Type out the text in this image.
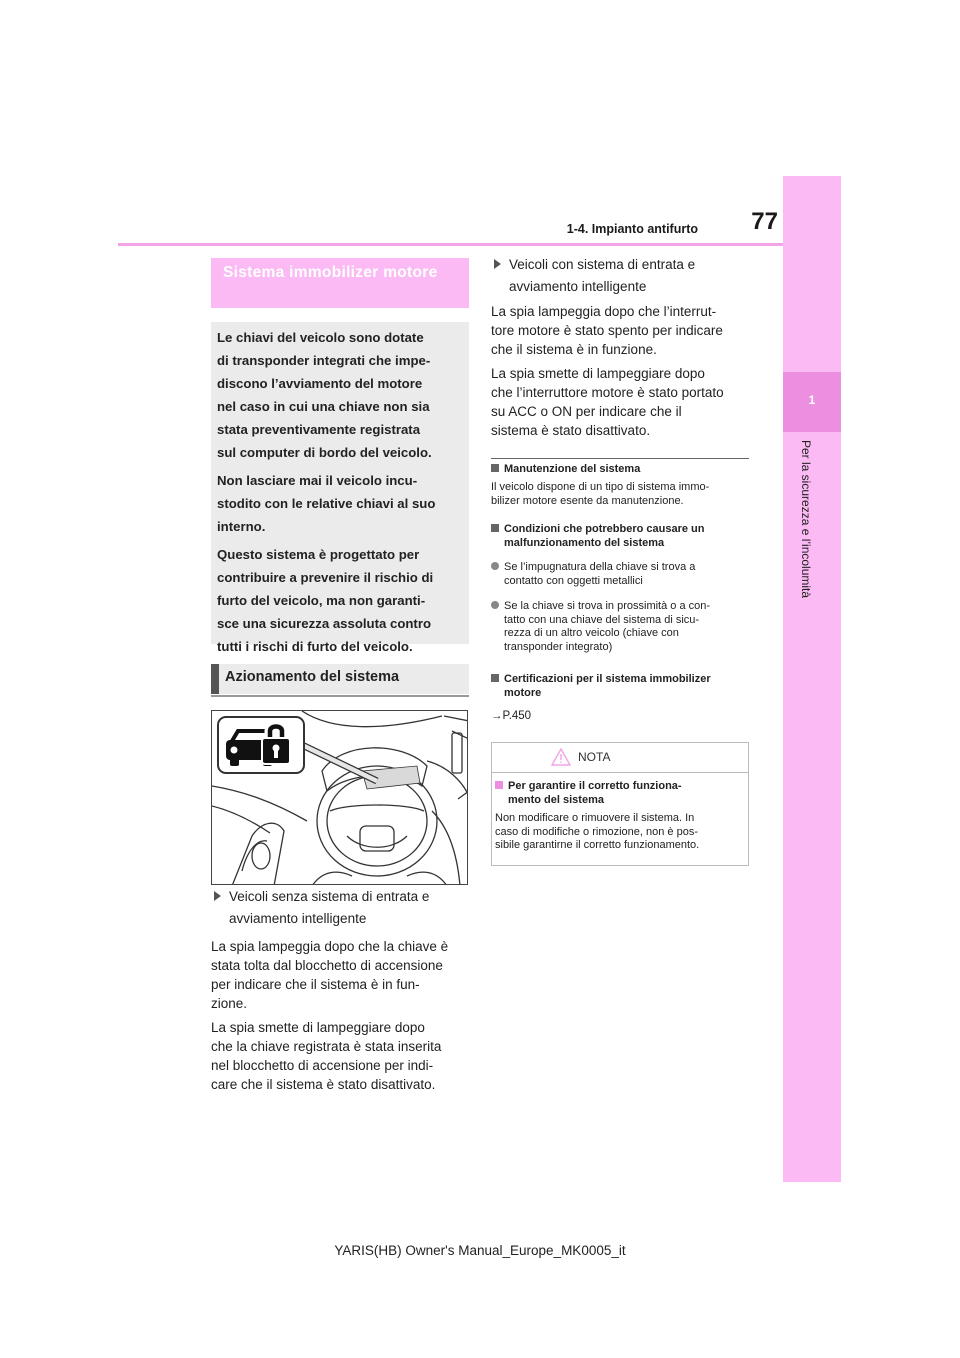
77
1-4. Impianto antifurto
1
Per la sicurezza e l’incolumità
Sistema immobilizer motore

Le chiavi del veicolo sono dotate

di transponder integrati che impe-

discono l’avviamento del motore

nel caso in cui una chiave non sia

stata preventivamente registrata

sul computer di bordo del veicolo.

Non lasciare mai il veicolo incu-

stodito con le relative chiavi al suo

interno.

Questo sistema è progettato per

contribuire a prevenire il rischio di

furto del veicolo, ma non garanti-

sce una sicurezza assoluta contro

tutti i rischi di furto del veicolo.

Azionamento del sistema
Veicoli senza sistema di entrata e
avviamento intelligente

La spia lampeggia dopo che la chiave è

stata tolta dal blocchetto di accensione

per indicare che il sistema è in fun-

zione.

La spia smette di lampeggiare dopo

che la chiave registrata è stata inserita

nel blocchetto di accensione per indi-

care che il sistema è stato disattivato.

Veicoli con sistema di entrata e
avviamento intelligente

La spia lampeggia dopo che l’interrut-

tore motore è stato spento per indicare

che il sistema è in funzione.

La spia smette di lampeggiare dopo

che l’interruttore motore è stato portato

su ACC o ON per indicare che il

sistema è stato disattivato.

Manutenzione del sistema
Il veicolo dispone di un tipo di sistema immo-
bilizer motore esente da manutenzione.
Condizioni che potrebbero causare un
malfunzionamento del sistema
Se l’impugnatura della chiave si trova a
contatto con oggetti metallici
Se la chiave si trova in prossimità o a con-
tatto con una chiave del sistema di sicu-
rezza di un altro veicolo (chiave con
transponder integrato)
Certificazioni per il sistema immobilizer
motore
→P.450
NOTA
Per garantire il corretto funziona-
mento del sistema
Non modificare o rimuovere il sistema. In
caso di modifiche o rimozione, non è pos-
sibile garantirne il corretto funzionamento.
YARIS(HB) Owner's Manual_Europe_MK0005_it
